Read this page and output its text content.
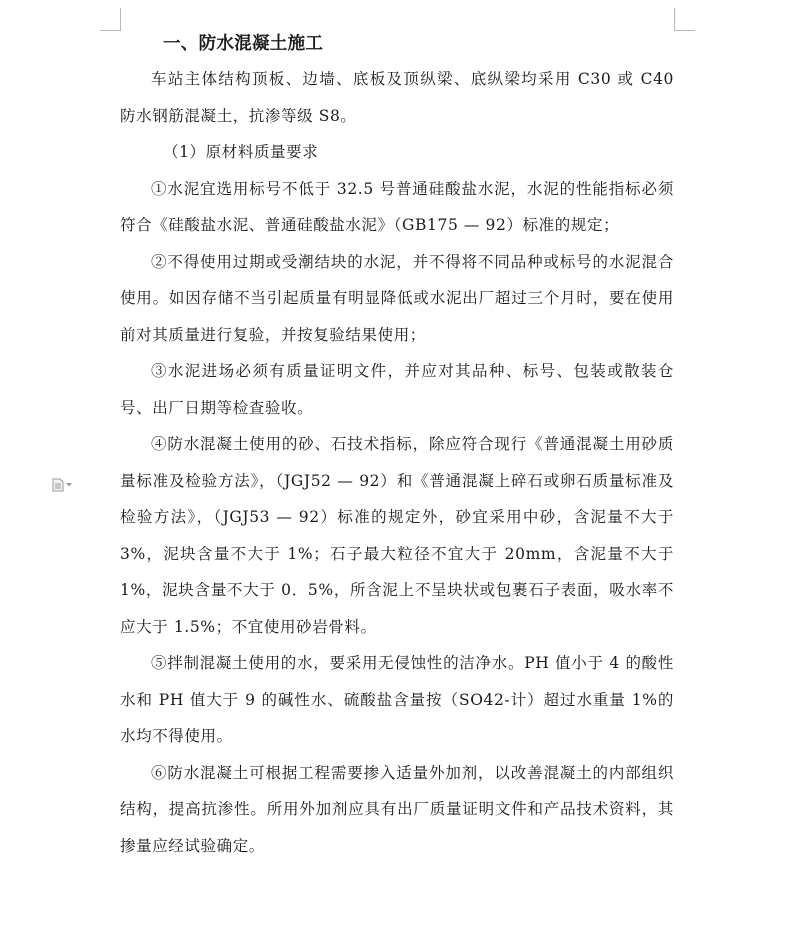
一、防水混凝土施工

车站主体结构顶板、边墙、底板及顶纵梁、底纵梁均采用 C30 或 C40 防水钢筋混凝土，抗渗等级 S8。

（1）原材料质量要求

①水泥宜选用标号不低于 32.5 号普通硅酸盐水泥，水泥的性能指标必须符合《硅酸盐水泥、普通硅酸盐水泥》（GB175 — 92）标准的规定；

②不得使用过期或受潮结块的水泥，并不得将不同品种或标号的水泥混合使用。如因存储不当引起质量有明显降低或水泥出厂超过三个月时，要在使用前对其质量进行复验，并按复验结果使用；

③水泥进场必须有质量证明文件，并应对其品种、标号、包装或散装仓号、出厂日期等检查验收。

④防水混凝土使用的砂、石技术指标，除应符合现行《普通混凝土用砂质量标准及检验方法》，（JGJ52 — 92）和《普通混凝上碎石或卵石质量标准及检验方法》，（JGJ53 — 92）标准的规定外，砂宜采用中砂，含泥量不大于 3%，泥块含量不大于 1%；石子最大粒径不宜大于 20mm，含泥量不大于 1%，泥块含量不大于 0．5%，所含泥上不呈块状或包裹石子表面，吸水率不应大于 1.5%；不宜使用砂岩骨料。

⑤拌制混凝土使用的水，要采用无侵蚀性的洁净水。PH 值小于 4 的酸性水和 PH 值大于 9 的碱性水、硫酸盐含量按（SO42-计）超过水重量 1%的水均不得使用。

⑥防水混凝土可根据工程需要掺入适量外加剂，以改善混凝土的内部组织结构，提高抗渗性。所用外加剂应具有出厂质量证明文件和产品技术资料，其掺量应经试验确定。
